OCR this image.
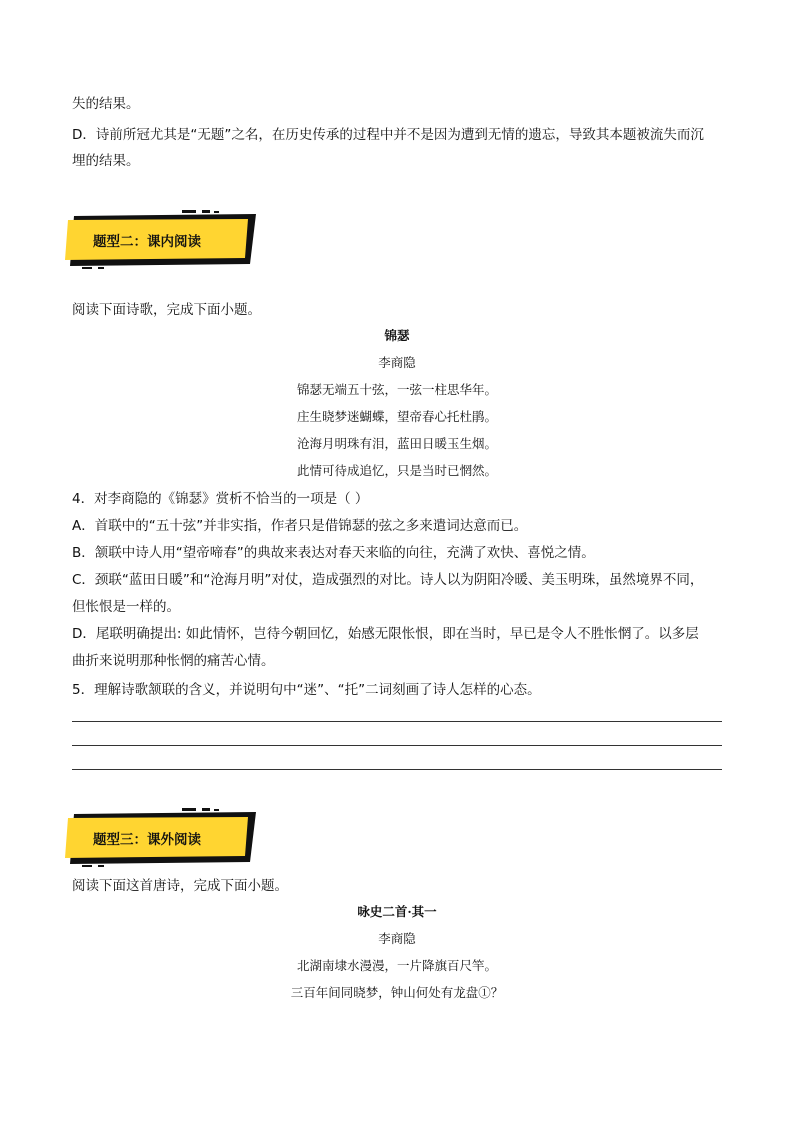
失的结果。
D．诗前所冠尤其是“无题”之名，在历史传承的过程中并不是因为遭到无情的遗忘，导致其本题被流失而沉
埋的结果。
题型二：课内阅读
阅读下面诗歌，完成下面小题。
锦瑟
李商隐
锦瑟无端五十弦，一弦一柱思华年。
庄生晓梦迷蝴蝶，望帝春心托杜鹃。
沧海月明珠有泪，蓝田日暖玉生烟。
此情可待成追忆，只是当时已惘然。
4．对李商隐的《锦瑟》赏析不恰当的一项是（ ）
A．首联中的“五十弦”并非实指，作者只是借锦瑟的弦之多来遣词达意而已。
B．颔联中诗人用“望帝啼春”的典故来表达对春天来临的向往，充满了欢快、喜悦之情。
C．颈联“蓝田日暖”和“沧海月明”对仗，造成强烈的对比。诗人以为阴阳冷暖、美玉明珠，虽然境界不同，
但怅恨是一样的。
D．尾联明确提出: 如此情怀，岂待今朝回忆，始感无限怅恨，即在当时，早已是令人不胜怅惘了。以多层
曲折来说明那种怅惘的痛苦心情。
5．理解诗歌颔联的含义，并说明句中“迷”、“托”二词刻画了诗人怎样的心态。
题型三：课外阅读
阅读下面这首唐诗，完成下面小题。
咏史二首·其一
李商隐
北湖南埭水漫漫，一片降旗百尺竿。
三百年间同晓梦，钟山何处有龙盘①？
